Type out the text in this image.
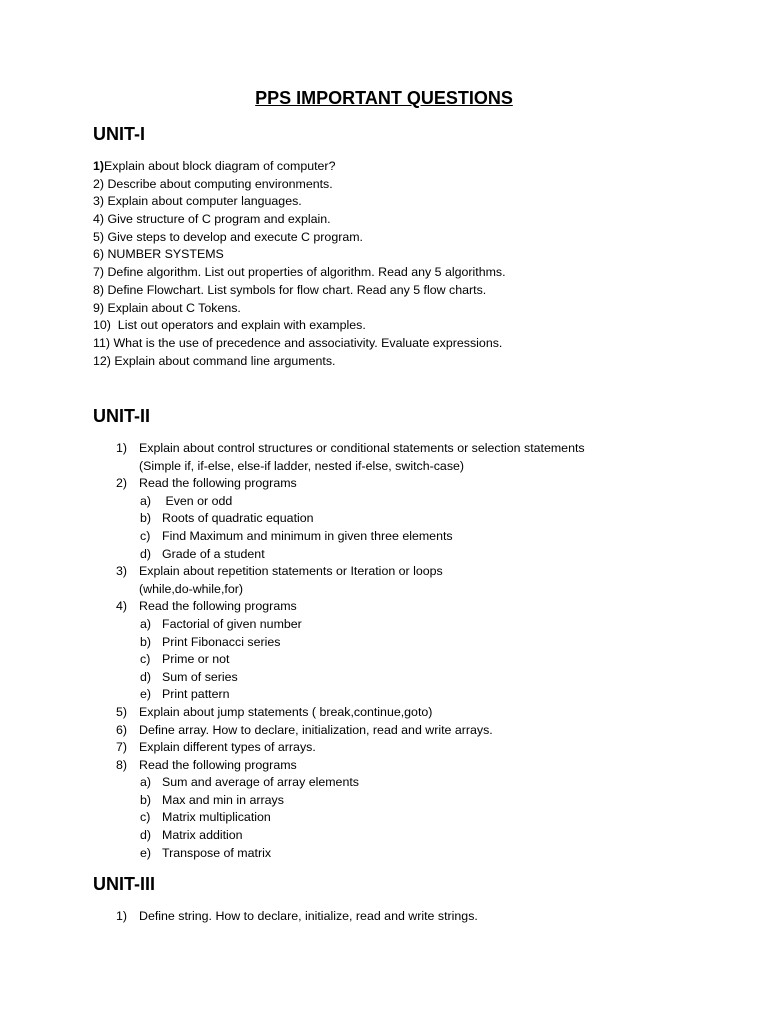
PPS IMPORTANT QUESTIONS
UNIT-I
1)Explain about block diagram of computer?
2) Describe about computing environments.
3) Explain about computer languages.
4) Give structure of C program and explain.
5) Give steps to develop and execute C program.
6) NUMBER SYSTEMS
7) Define algorithm. List out properties of algorithm. Read any 5 algorithms.
8) Define Flowchart. List symbols for flow chart. Read any 5 flow charts.
9) Explain about C Tokens.
10)  List out operators and explain with examples.
11) What is the use of precedence and associativity. Evaluate expressions.
12) Explain about command line arguments.
UNIT-II
1) Explain about control structures or conditional statements or selection statements
(Simple if, if-else, else-if ladder, nested if-else, switch-case)
2) Read the following programs
a) Even or odd
b) Roots of quadratic equation
c) Find Maximum and minimum in given three elements
d) Grade of a student
3) Explain about repetition statements or Iteration or loops
(while,do-while,for)
4) Read the following programs
a) Factorial of given number
b) Print Fibonacci series
c) Prime or not
d) Sum of series
e) Print pattern
5) Explain about jump statements ( break,continue,goto)
6) Define array. How to declare, initialization, read and write arrays.
7) Explain different types of arrays.
8) Read the following programs
a) Sum and average of array elements
b) Max and min in arrays
c) Matrix multiplication
d) Matrix addition
e) Transpose of matrix
UNIT-III
1) Define string. How to declare, initialize, read and write strings.
